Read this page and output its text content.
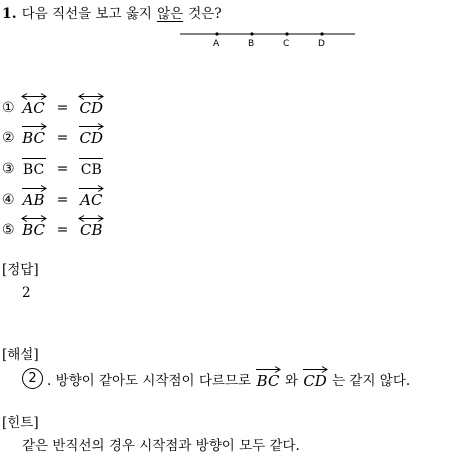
1. 다음 직선을 보고 옳지 않은 것은?
A	B	C	D
① AC = CD
② BC = CD
③ BC = CB
④ AB = AC
⑤ BC = CB
[정답]
2
[해설]
2 . 방향이 같아도 시작점이 다르므로 BC 와 CD 는 같지 않다.
[힌트]
같은 반직선의 경우 시작점과 방향이 모두 같다.
